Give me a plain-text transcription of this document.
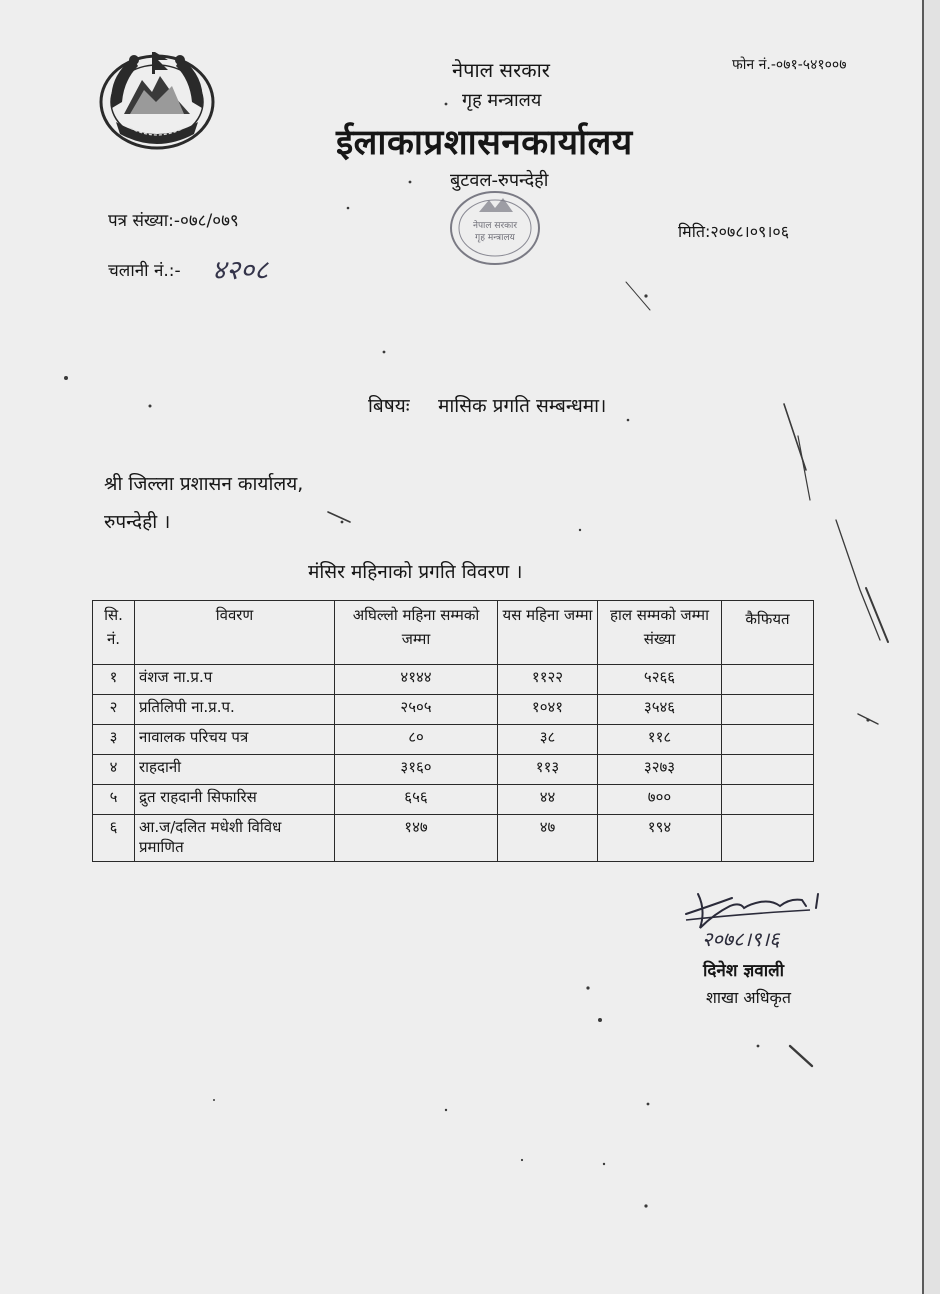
नेपाल सरकार
गृह मन्त्रालय
ईलाकाप्रशासनकार्यालय
बुटवल-रुपन्देही
फोन नं.-०७१-५४१००७
नेपाल सरकार
गृह मन्त्रालय
पत्र संख्या:-०७८/०७९
मिति:२०७८।०९।०६
चलानी नं.:- ४२०८
बिषयः मासिक प्रगति सम्बन्धमा।
श्री जिल्ला प्रशासन कार्यालय,
रुपन्देही ।
मंसिर महिनाको प्रगति विवरण ।
सि. नं.	विवरण	अघिल्लो महिना सम्मको जम्मा	यस महिना जम्मा	हाल सम्मको जम्मा संख्या	कैफियत
१	वंशज ना.प्र.प	४१४४	११२२	५२६६	
२	प्रतिलिपी ना.प्र.प.	२५०५	१०४१	३५४६	
३	नावालक परिचय पत्र	८०	३८	११८	
४	राहदानी	३१६०	११३	३२७३	
५	द्रुत राहदानी सिफारिस	६५६	४४	७००	
६	आ.ज/दलित मधेशी विविध प्रमाणित	१४७	४७	१९४	
२०७८।९।६
दिनेश ज्ञवाली
शाखा अधिकृत
